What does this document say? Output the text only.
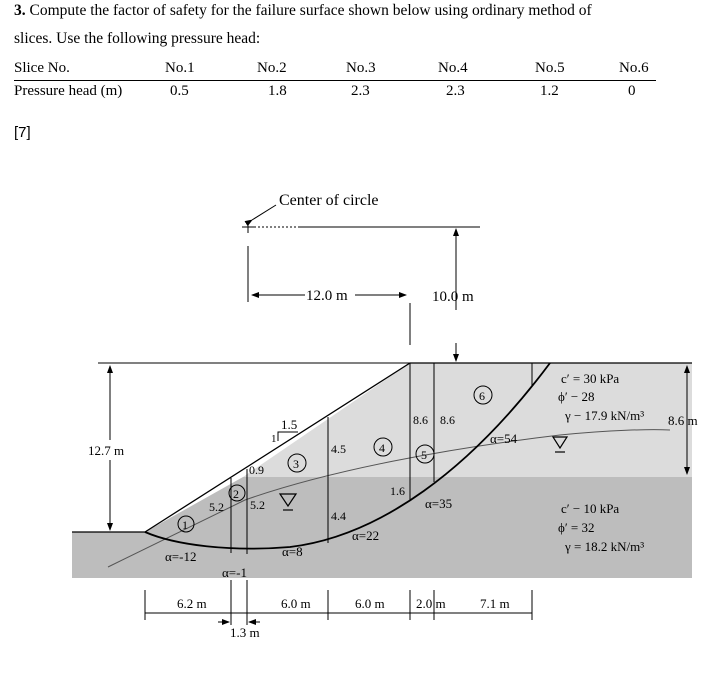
3. Compute the factor of safety for the failure surface shown below using ordinary method of
slices. Use the following pressure head:
Slice No.	No.1	No.2	No.3	No.4	No.5	No.6
Pressure head (m)	0.5	1.8	2.3	2.3	1.2	0
[7]
Center of circle
12.0 m	10.0 m
12.7 m
8.6 m
c′ = 30 kPa
ϕ′ − 28
γ − 17.9 kN/m³
c′ − 10 kPa
ϕ′ = 32
γ = 18.2 kN/m³
1
2
3
4	5
6
1.5
1
0.9
5.2 5.2
4.5
4.4
1.6
8.6 8.6
α=-12
α=-1
α=8
α=22
α=35
α=54
6.2 m
1.3 m
6.0 m	6.0 m 2.0 m	7.1 m
